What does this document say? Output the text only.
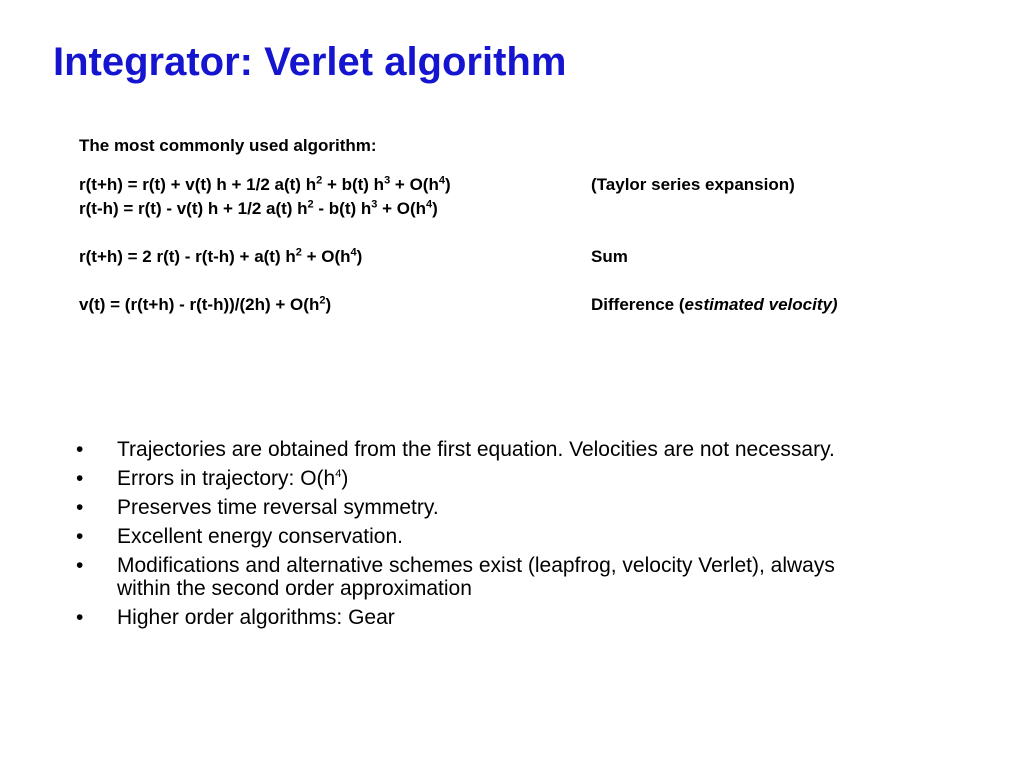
Integrator: Verlet algorithm
The most commonly used algorithm:
r(t+h) = r(t) + v(t) h + 1/2 a(t) $h^2 + b(t) h^3 + O(h^4)$	(Taylor series expansion)
r(t-h) = r(t) - v(t) h + 1/2 a(t) $h^2 - b(t) h^3 + O(h^4)$
r(t+h) = 2 r(t) - r(t-h) + a(t) $h^2 + O(h^4)$	Sum
$v(t) = (r(t+h) - r(t-h))/(2h) + O(h^2)$	Difference (estimated velocity)
• Trajectories are obtained from the first equation. Velocities are not necessary.
• Errors in trajectory: $O(h^4)$
• Preserves time reversal symmetry.
• Excellent energy conservation.
• Modifications and alternative schemes exist (leapfrog, velocity Verlet), always
within the second order approximation
• Higher order algorithms: Gear
